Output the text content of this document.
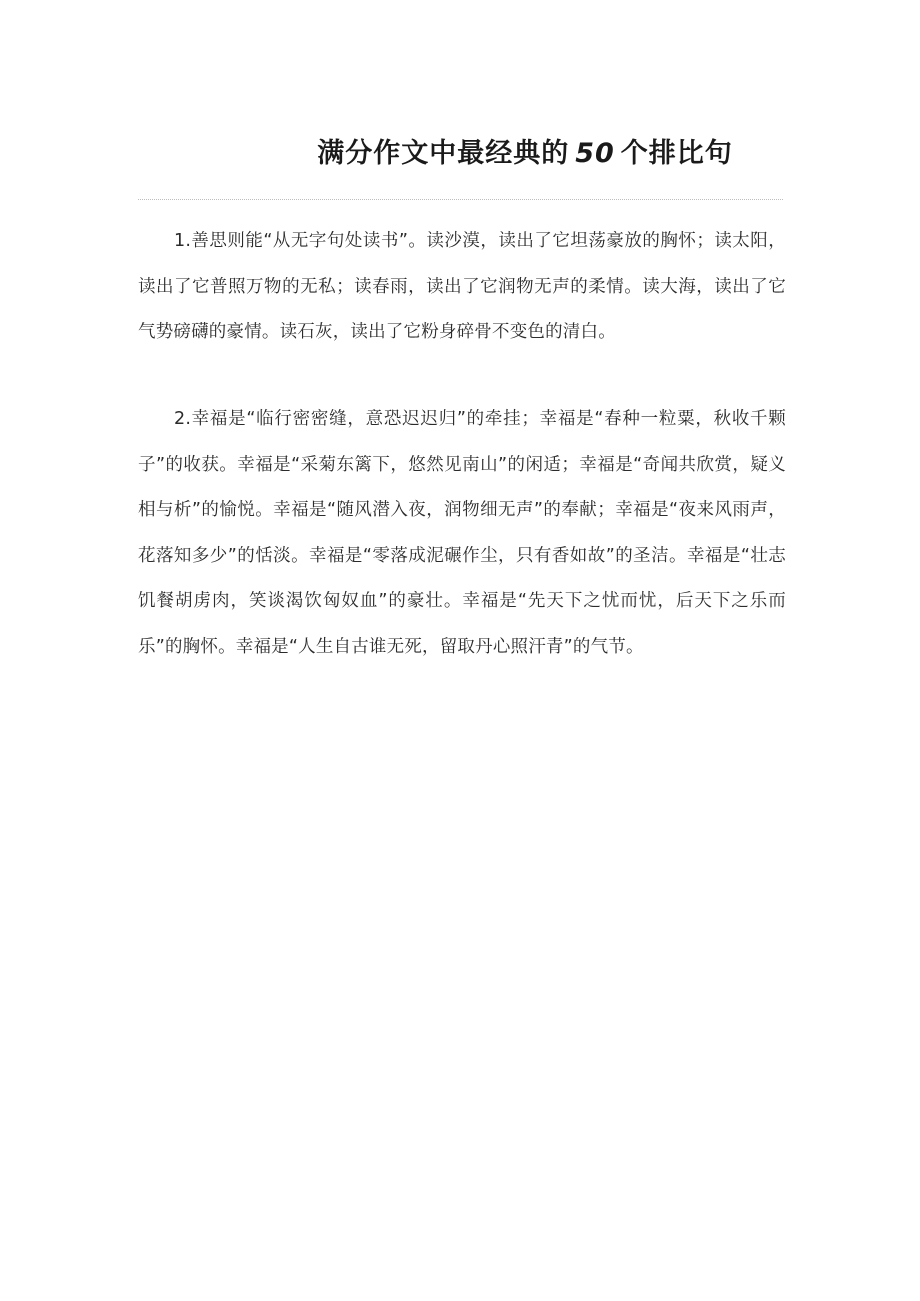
满分作文中最经典的 50 个排比句

1.善思则能“从无字句处读书”。读沙漠，读出了它坦荡豪放的胸怀；读太阳，读出了它普照万物的无私；读春雨，读出了它润物无声的柔情。读大海，读出了它气势磅礴的豪情。读石灰，读出了它粉身碎骨不变色的清白。

2.幸福是“临行密密缝，意恐迟迟归”的牵挂；幸福是“春种一粒粟，秋收千颗子”的收获。幸福是“采菊东篱下，悠然见南山”的闲适；幸福是“奇闻共欣赏，疑义相与析”的愉悦。幸福是“随风潜入夜，润物细无声”的奉献；幸福是“夜来风雨声，花落知多少”的恬淡。幸福是“零落成泥碾作尘，只有香如故”的圣洁。幸福是“壮志饥餐胡虏肉，笑谈渴饮匈奴血”的豪壮。幸福是“先天下之忧而忧，后天下之乐而乐”的胸怀。幸福是“人生自古谁无死，留取丹心照汗青”的气节。
